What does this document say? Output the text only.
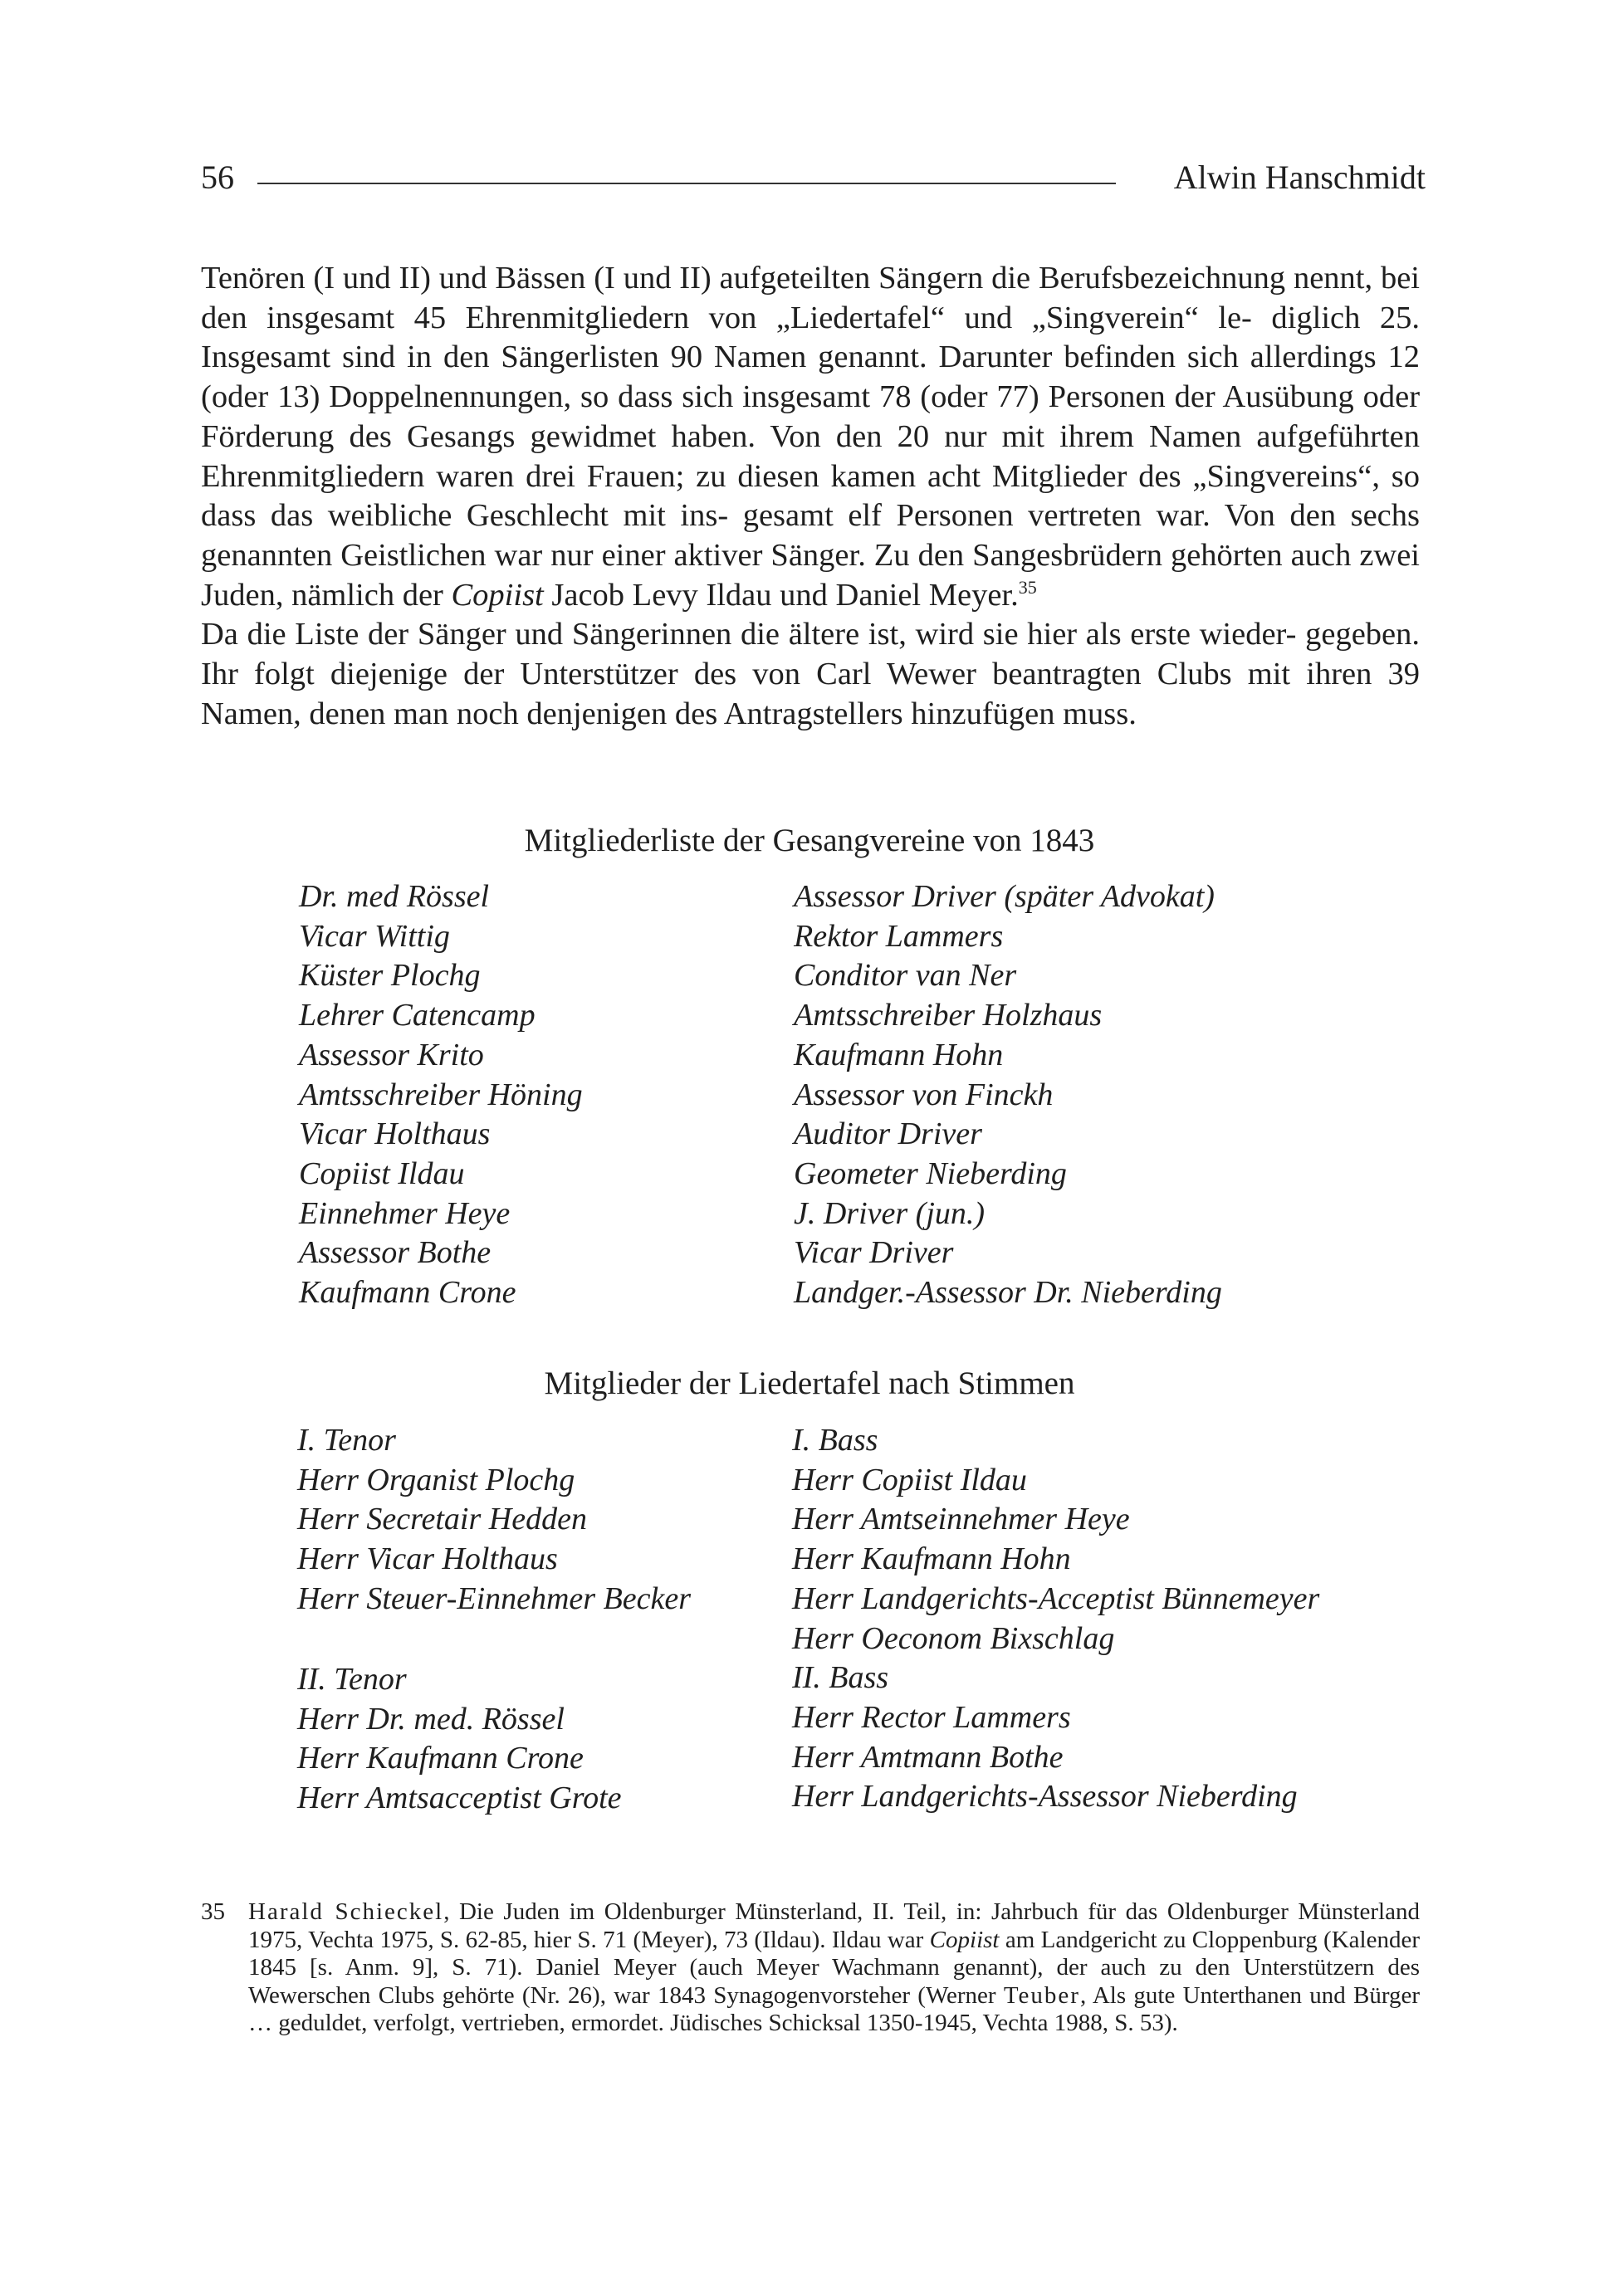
56	Alwin Hanschmidt

Tenören (I und II) und Bässen (I und II) aufgeteilten Sängern die Berufsbezeichnung nennt, bei den insgesamt 45 Ehrenmitgliedern von „Liedertafel“ und „Singverein“ le- diglich 25. Insgesamt sind in den Sängerlisten 90 Namen genannt. Darunter befinden sich allerdings 12 (oder 13) Doppelnennungen, so dass sich insgesamt 78 (oder 77) Personen der Ausübung oder Förderung des Gesangs gewidmet haben. Von den 20 nur mit ihrem Namen aufgeführten Ehrenmitgliedern waren drei Frauen; zu diesen kamen acht Mitglieder des „Singvereins“, so dass das weibliche Geschlecht mit ins- gesamt elf Personen vertreten war. Von den sechs genannten Geistlichen war nur einer aktiver Sänger. Zu den Sangesbrüdern gehörten auch zwei Juden, nämlich der Copiist Jacob Levy Ildau und Daniel Meyer.$^{35}$

Da die Liste der Sänger und Sängerinnen die ältere ist, wird sie hier als erste wieder- gegeben. Ihr folgt diejenige der Unterstützer des von Carl Wewer beantragten Clubs mit ihren 39 Namen, denen man noch denjenigen des Antragstellers hinzufügen muss.

Mitgliederliste der Gesangvereine von 1843
Dr. med Rössel
Vicar Wittig
Küster Plochg
Lehrer Catencamp
Assessor Krito
Amtsschreiber Höning
Vicar Holthaus
Copiist Ildau
Einnehmer Heye
Assessor Bothe
Kaufmann Crone
Assessor Driver (später Advokat)
Rektor Lammers
Conditor van Ner
Amtsschreiber Holzhaus
Kaufmann Hohn
Assessor von Finckh
Auditor Driver
Geometer Nieberding
J. Driver (jun.)
Vicar Driver
Landger.-Assessor Dr. Nieberding
Mitglieder der Liedertafel nach Stimmen
I. Tenor
Herr Organist Plochg
Herr Secretair Hedden
Herr Vicar Holthaus
Herr Steuer-Einnehmer Becker
II. Tenor
Herr Dr. med. Rössel
Herr Kaufmann Crone
Herr Amtsacceptist Grote
I. Bass
Herr Copiist Ildau
Herr Amtseinnehmer Heye
Herr Kaufmann Hohn
Herr Landgerichts-Acceptist Bünnemeyer
Herr Oeconom Bixschlag
II. Bass
Herr Rector Lammers
Herr Amtmann Bothe
Herr Landgerichts-Assessor Nieberding
35 Harald Schieckel, Die Juden im Oldenburger Münsterland, II. Teil, in: Jahrbuch für das Oldenburger Münsterland 1975, Vechta 1975, S. 62-85, hier S. 71 (Meyer), 73 (Ildau). Ildau war Copiist am Landgericht zu Cloppenburg (Kalender 1845 [s. Anm. 9], S. 71). Daniel Meyer (auch Meyer Wachmann genannt), der auch zu den Unterstützern des Wewerschen Clubs gehörte (Nr. 26), war 1843 Synagogenvorsteher (Werner Teuber, Als gute Unterthanen und Bürger … geduldet, verfolgt, vertrieben, ermordet. Jüdisches Schicksal 1350-1945, Vechta 1988, S. 53).
